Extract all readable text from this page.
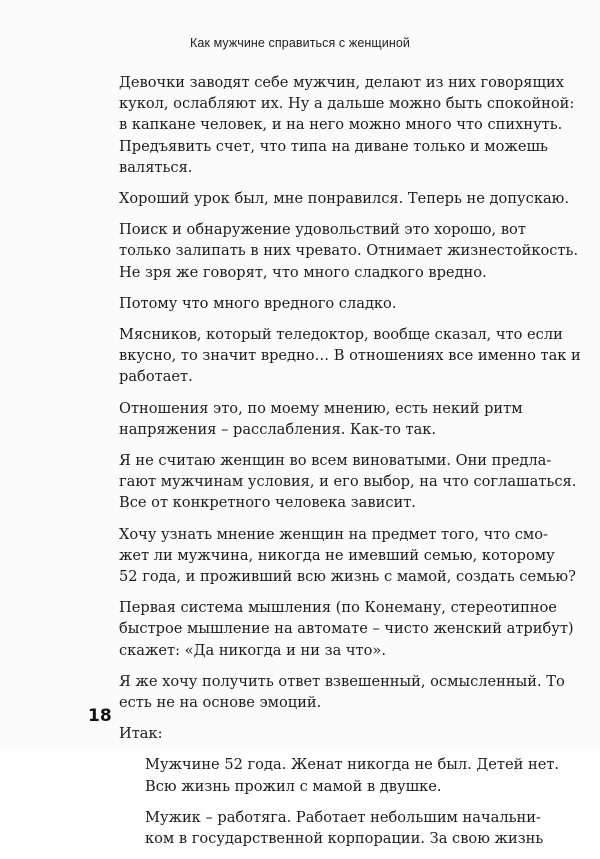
Как мужчине справиться с женщиной

Девочки заводят себе мужчин, делают из них говорящих
кукол, ослабляют их. Ну а дальше можно быть спокойной:
в капкане человек, и на него можно много что спихнуть.
Предъявить счет, что типа на диване только и можешь
валяться.

Хороший урок был, мне понравился. Теперь не допускаю.

Поиск и обнаружение удовольствий это хорошо, вот
только залипать в них чревато. Отнимает жизнестойкость.
Не зря же говорят, что много сладкого вредно.

Потому что много вредного сладко.

Мясников, который теледоктор, вообще сказал, что если
вкусно, то значит вредно… В отношениях все именно так и
работает.

Отношения это, по моему мнению, есть некий ритм
напряжения – расслабления. Как-то так.

Я не считаю женщин во всем виноватыми. Они предла-
гают мужчинам условия, и его выбор, на что соглашаться.
Все от конкретного человека зависит.

Хочу узнать мнение женщин на предмет того, что смо-
жет ли мужчина, никогда не имевший семью, которому
52 года, и проживший всю жизнь с мамой, создать семью?

Первая система мышления (по Конеману, стереотипное
быстрое мышление на автомате – чисто женский атрибут)
скажет: «Да никогда и ни за что».

Я же хочу получить ответ взвешенный, осмысленный. То
есть не на основе эмоций.

Итак:

Мужчине 52 года. Женат никогда не был. Детей нет.
Всю жизнь прожил с мамой в двушке.

Мужик – работяга. Работает небольшим начальни-
ком в государственной корпорации. За свою жизнь

18
